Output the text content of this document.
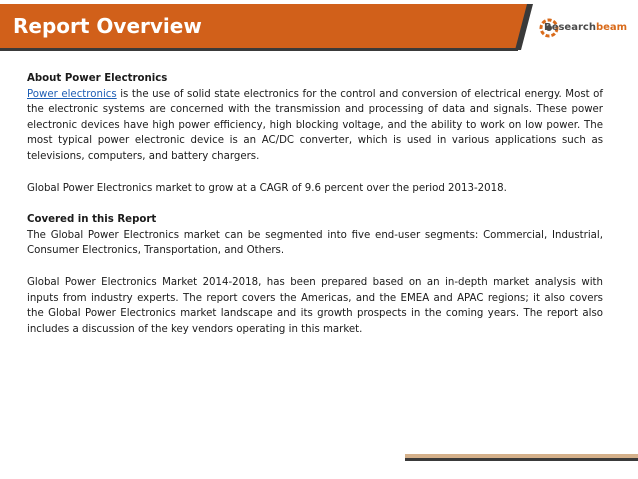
Report Overview	Researchbeam

About Power Electronics

Power electronics is the use of solid state electronics for the control and conversion of electrical energy. Most of the electronic systems are concerned with the transmission and processing of data and signals. These power electronic devices have high power efficiency, high blocking voltage, and the ability to work on low power. The most typical power electronic device is an AC/DC converter, which is used in various applications such as televisions, computers, and battery chargers.

Global Power Electronics market to grow at a CAGR of 9.6 percent over the period 2013-2018.

Covered in this Report

The Global Power Electronics market can be segmented into five end-user segments: Commercial, Industrial, Consumer Electronics, Transportation, and Others.

Global Power Electronics Market 2014-2018, has been prepared based on an in-depth market analysis with inputs from industry experts. The report covers the Americas, and the EMEA and APAC regions; it also covers the Global Power Electronics market landscape and its growth prospects in the coming years. The report also includes a discussion of the key vendors operating in this market.
